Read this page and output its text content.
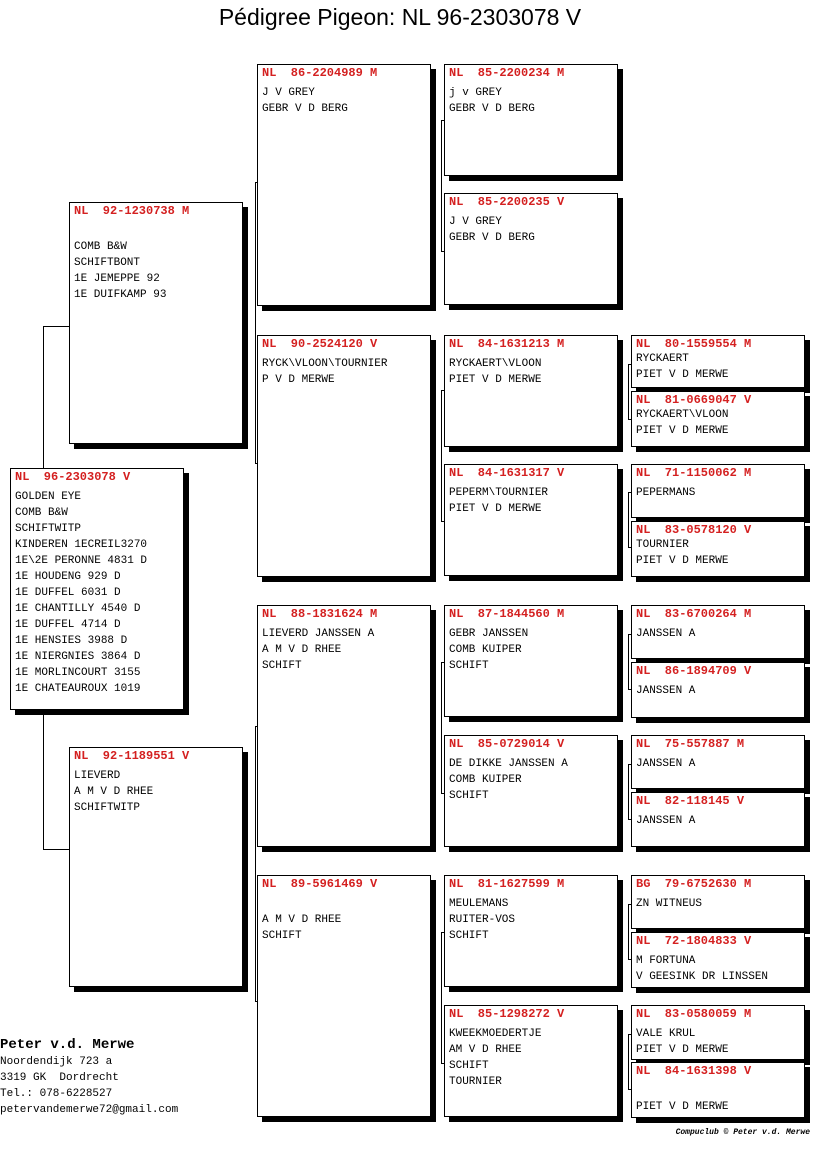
Pédigree Pigeon: NL 96-2303078 V
NL  96-2303078 V
GOLDEN EYE
COMB B&W
SCHIFTWITP
KINDEREN 1ECREIL3270
1E\2E PERONNE 4831 D
1E HOUDENG 929 D
1E DUFFEL 6031 D
1E CHANTILLY 4540 D
1E DUFFEL 4714 D
1E HENSIES 3988 D
1E NIERGNIES 3864 D
1E MORLINCOURT 3155
1E CHATEAUROUX 1019
NL  92-1230738 M
COMB B&W
SCHIFTBONT
1E JEMEPPE 92
1E DUIFKAMP 93
NL  92-1189551 V
LIEVERD
A M V D RHEE
SCHIFTWITP
NL  86-2204989 M
J V GREY
GEBR V D BERG
NL  90-2524120 V
RYCK\VLOON\TOURNIER
P V D MERWE
NL  88-1831624 M
LIEVERD JANSSEN A
A M V D RHEE
SCHIFT
NL  89-5961469 V
A M V D RHEE
SCHIFT
NL  85-2200234 M
j v GREY
GEBR V D BERG
NL  85-2200235 V
J V GREY
GEBR V D BERG
NL  84-1631213 M
RYCKAERT\VLOON
PIET V D MERWE
NL  84-1631317 V
PEPERM\TOURNIER
PIET V D MERWE
NL  87-1844560 M
GEBR JANSSEN
COMB KUIPER
SCHIFT
NL  85-0729014 V
DE DIKKE JANSSEN A
COMB KUIPER
SCHIFT
NL  81-1627599 M
MEULEMANS
RUITER-VOS
SCHIFT
NL  85-1298272 V
KWEEKMOEDERTJE
AM V D RHEE
SCHIFT
TOURNIER
NL  80-1559554 M
RYCKAERT
PIET V D MERWE
NL  81-0669047 V
RYCKAERT\VLOON
PIET V D MERWE
NL  71-1150062 M
PEPERMANS
NL  83-0578120 V
TOURNIER
PIET V D MERWE
NL  83-6700264 M
JANSSEN A
NL  86-1894709 V
JANSSEN A
NL  75-557887 M
JANSSEN A
NL  82-118145 V
JANSSEN A
BG  79-6752630 M
ZN WITNEUS
NL  72-1804833 V
M FORTUNA
V GEESINK DR LINSSEN
NL  83-0580059 M
VALE KRUL
PIET V D MERWE
NL  84-1631398 V
PIET V D MERWE
Peter v.d. Merwe
Noordendijk 723 a
3319 GK  Dordrecht
Tel.: 078-6228527
petervandemerwe72@gmail.com
Compuclub © Peter v.d. Merwe
